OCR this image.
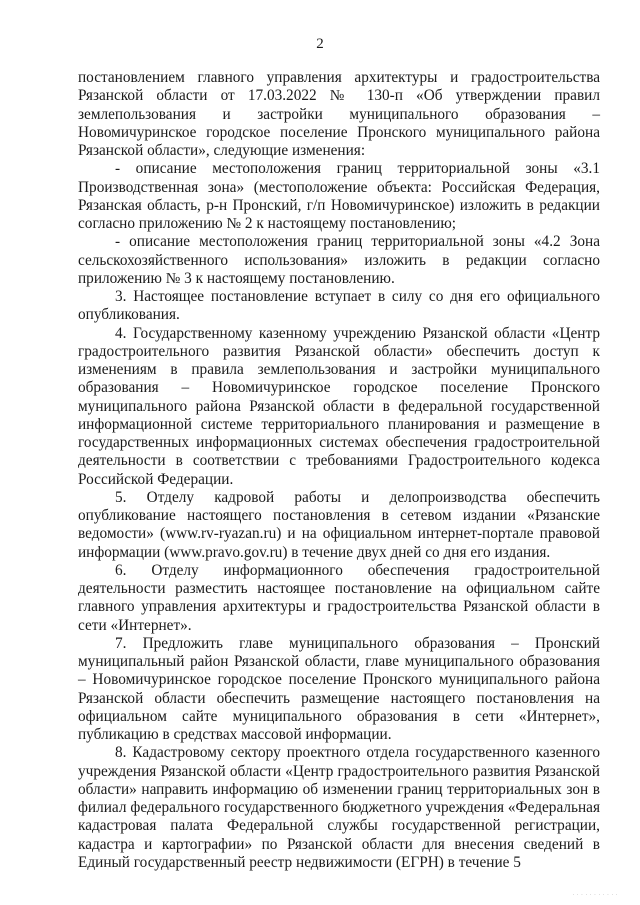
2

постановлением главного управления архитектуры и градостроительства Рязанской области от 17.03.2022 № 130-п «Об утверждении правил землепользования и застройки муниципального образования – Новомичуринское городское поселение Пронского муниципального района Рязанской области», следующие изменения:

- описание местоположения границ территориальной зоны «3.1 Производственная зона» (местоположение объекта: Российская Федерация, Рязанская область, р-н Пронский, г/п Новомичуринское) изложить в редакции согласно приложению № 2 к настоящему постановлению;

- описание местоположения границ территориальной зоны «4.2 Зона сельскохозяйственного использования» изложить в редакции согласно приложению № 3 к настоящему постановлению.

3. Настоящее постановление вступает в силу со дня его официального опубликования.

4. Государственному казенному учреждению Рязанской области «Центр градостроительного развития Рязанской области» обеспечить доступ к изменениям в правила землепользования и застройки муниципального образования – Новомичуринское городское поселение Пронского муниципального района Рязанской области в федеральной государственной информационной системе территориального планирования и размещение в государственных информационных системах обеспечения градостроительной деятельности в соответствии с требованиями Градостроительного кодекса Российской Федерации.

5. Отделу кадровой работы и делопроизводства обеспечить опубликование настоящего постановления в сетевом издании «Рязанские ведомости» (www.rv-ryazan.ru) и на официальном интернет-портале правовой информации (www.pravo.gov.ru) в течение двух дней со дня его издания.

6. Отделу информационного обеспечения градостроительной деятельности разместить настоящее постановление на официальном сайте главного управления архитектуры и градостроительства Рязанской области в сети «Интернет».

7. Предложить главе муниципального образования – Пронский муниципальный район Рязанской области, главе муниципального образования – Новомичуринское городское поселение Пронского муниципального района Рязанской области обеспечить размещение настоящего постановления на официальном сайте муниципального образования в сети «Интернет», публикацию в средствах массовой информации.

8. Кадастровому сектору проектного отдела государственного казенного учреждения Рязанской области «Центр градостроительного развития Рязанской области» направить информацию об изменении границ территориальных зон в филиал федерального государственного бюджетного учреждения «Федеральная кадастровая палата Федеральной службы государственной регистрации, кадастра и картографии» по Рязанской области для внесения сведений в Единый государственный реестр недвижимости (ЕГРН) в течение 5

. . . . . . . . . . .
